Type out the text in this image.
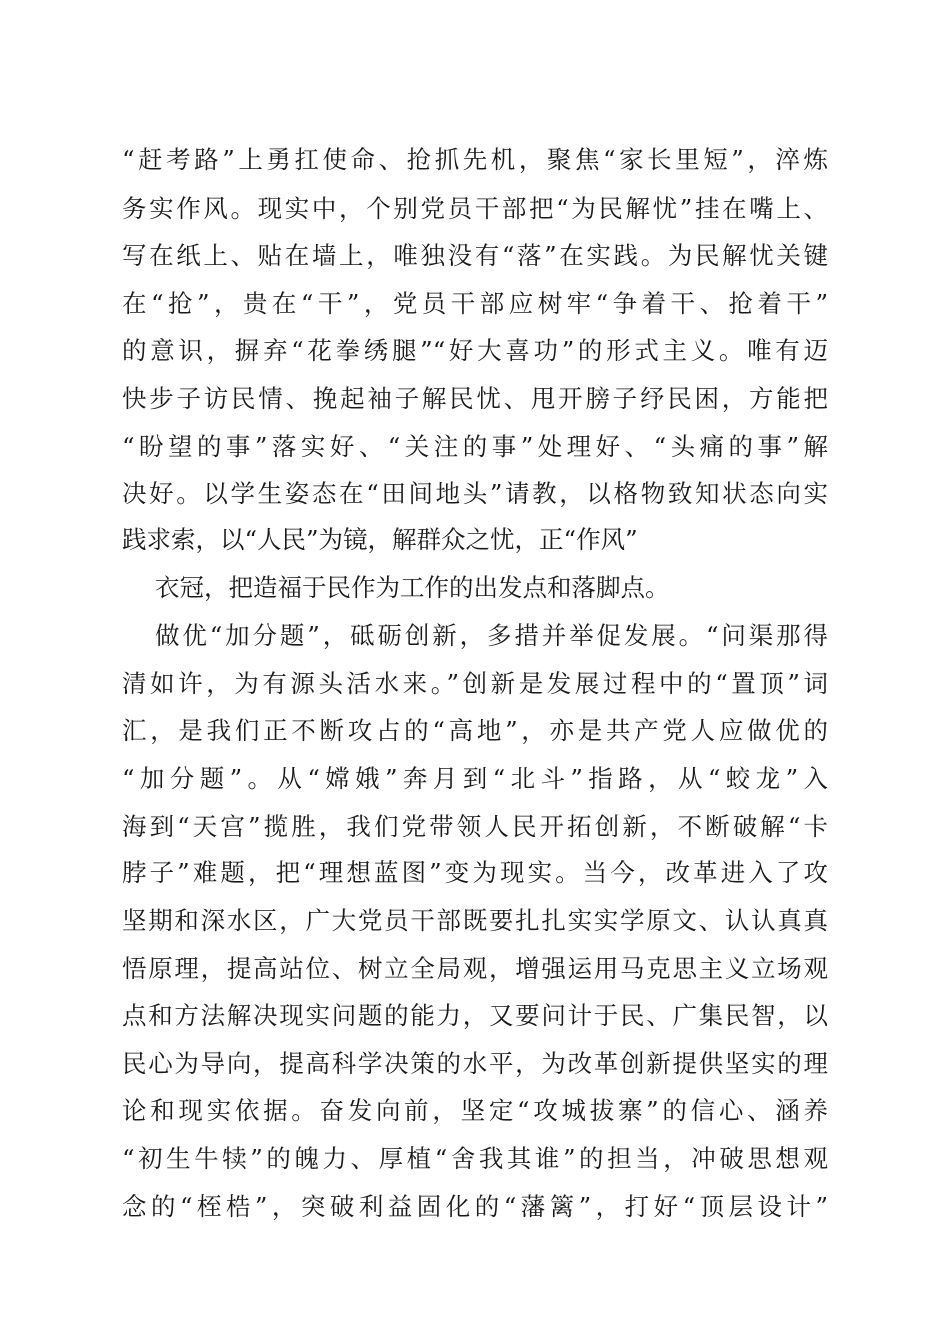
“赶考路”上勇扛使命、抢抓先机，聚焦“家长里短”，淬炼
务实作风。现实中，个别党员干部把“为民解忧”挂在嘴上、
写在纸上、贴在墙上，唯独没有“落”在实践。为民解忧关键
在“抢”，贵在“干”，党员干部应树牢“争着干、抢着干”
的意识，摒弃“花拳绣腿”“好大喜功”的形式主义。唯有迈
快步子访民情、挽起袖子解民忧、甩开膀子纾民困，方能把
“盼望的事”落实好、“关注的事”处理好、“头痛的事”解
决好。以学生姿态在“田间地头”请教，以格物致知状态向实
践求索，以“人民”为镜，解群众之忧，正“作风”
衣冠，把造福于民作为工作的出发点和落脚点。
做优“加分题”，砥砺创新，多措并举促发展。“问渠那得
清如许，为有源头活水来。”创新是发展过程中的“置顶”词
汇，是我们正不断攻占的“高地”，亦是共产党人应做优的
“加分题”。从“嫦娥”奔月到“北斗”指路，从“蛟龙”入
海到“天宫”揽胜，我们党带领人民开拓创新，不断破解“卡
脖子”难题，把“理想蓝图”变为现实。当今，改革进入了攻
坚期和深水区，广大党员干部既要扎扎实实学原文、认认真真
悟原理，提高站位、树立全局观，增强运用马克思主义立场观
点和方法解决现实问题的能力，又要问计于民、广集民智，以
民心为导向，提高科学决策的水平，为改革创新提供坚实的理
论和现实依据。奋发向前，坚定“攻城拔寨”的信心、涵养
“初生牛犊”的魄力、厚植“舍我其谁”的担当，冲破思想观
念的“桎梏”，突破利益固化的“藩篱”，打好“顶层设计”
